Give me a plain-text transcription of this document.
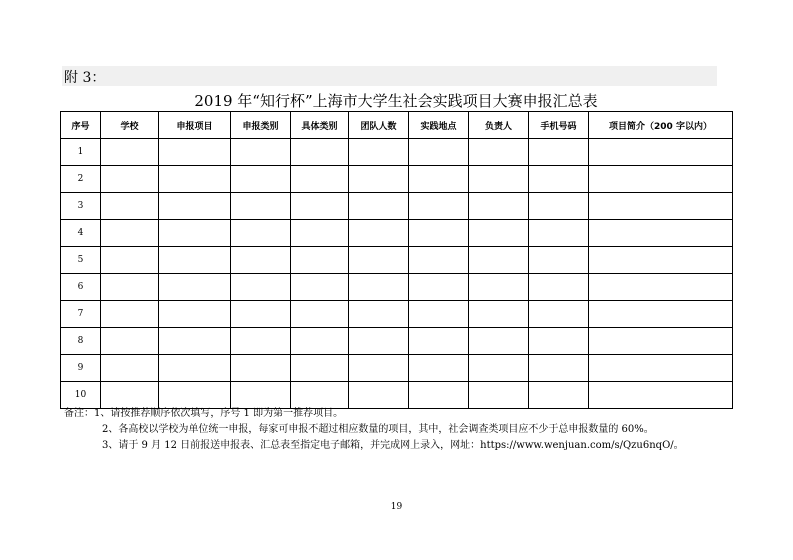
附 3：
2019 年“知行杯”上海市大学生社会实践项目大赛申报汇总表
序号	学校	申报项目	申报类别	具体类别	团队人数	实践地点	负责人	手机号码	项目简介（200 字以内）
1									
2									
3									
4									
5									
6									
7									
8									
9									
10									
备注：1、请按推荐顺序依次填写，序号 1 即为第一推荐项目。
2、各高校以学校为单位统一申报，每家可申报不超过相应数量的项目，其中，社会调查类项目应不少于总申报数量的 60%。
3、请于 9 月 12 日前报送申报表、汇总表至指定电子邮箱，并完成网上录入，网址：https://www.wenjuan.com/s/Qzu6nqO/。
19
